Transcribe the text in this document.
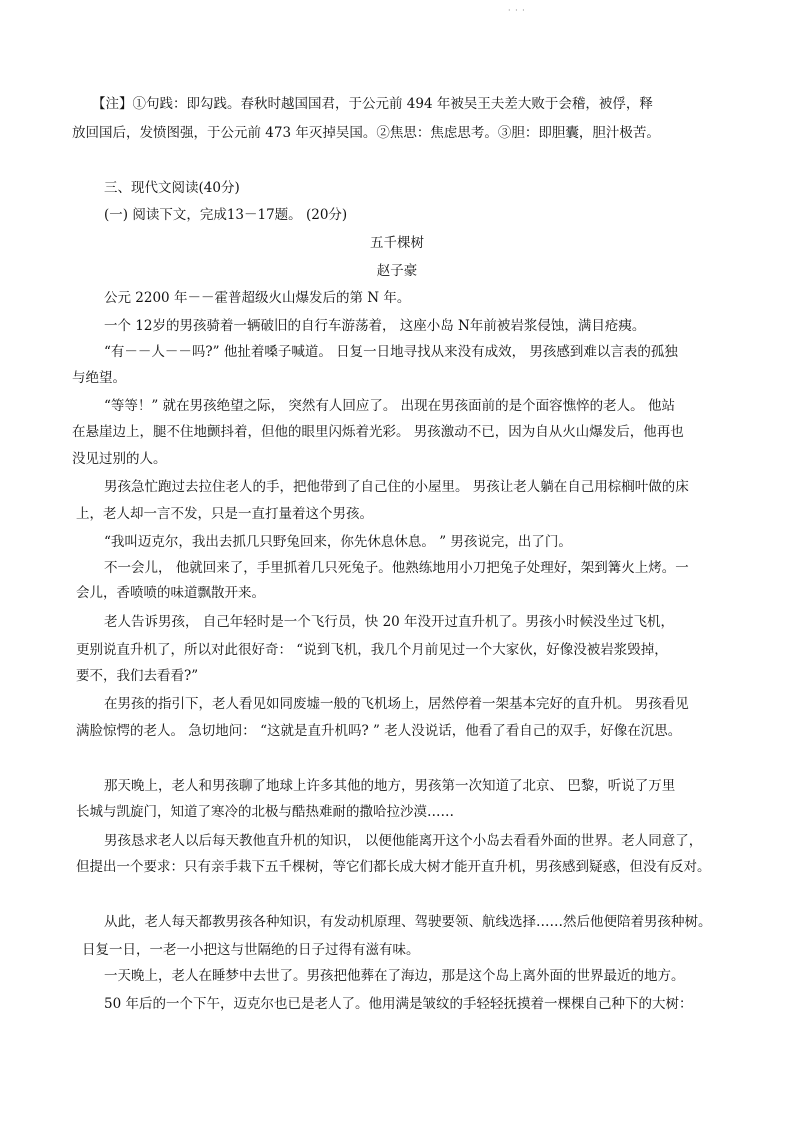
· · ·
【注】①句践：即勾践。春秋时越国国君，于公元前 494 年被吴王夫差大败于会稽，被俘，释
放回国后，发愤图强，于公元前 473 年灭掉吴国。②焦思：焦虑思考。③胆：即胆囊，胆汁极苦。
三、现代文阅读(40分)
(一) 阅读下文，完成13－17题。 (20分)
五千棵树
赵子豪
公元 2200 年－－霍普超级火山爆发后的第 N 年。
一个 12岁的男孩骑着一辆破旧的自行车游荡着， 这座小岛 N年前被岩浆侵蚀，满目疮痍。
“有－－人－－吗?” 他扯着嗓子喊道。 日复一日地寻找从来没有成效， 男孩感到难以言表的孤独
与绝望。
“等等！” 就在男孩绝望之际， 突然有人回应了。 出现在男孩面前的是个面容憔悴的老人。 他站
在悬崖边上，腿不住地颤抖着，但他的眼里闪烁着光彩。 男孩激动不已，因为自从火山爆发后，他再也
没见过别的人。
男孩急忙跑过去拉住老人的手，把他带到了自己住的小屋里。 男孩让老人躺在自己用棕榈叶做的床
上，老人却一言不发，只是一直打量着这个男孩。
“我叫迈克尔，我出去抓几只野兔回来，你先休息休息。 ” 男孩说完，出了门。
不一会儿， 他就回来了，手里抓着几只死兔子。他熟练地用小刀把兔子处理好，架到篝火上烤。一
会儿，香喷喷的味道飘散开来。
老人告诉男孩， 自己年轻时是一个飞行员，快 20 年没开过直升机了。男孩小时候没坐过飞机，
更别说直升机了，所以对此很好奇： “说到飞机，我几个月前见过一个大家伙，好像没被岩浆毁掉，
要不，我们去看看?”
在男孩的指引下，老人看见如同废墟一般的飞机场上，居然停着一架基本完好的直升机。 男孩看见
满脸惊愕的老人。 急切地问： “这就是直升机吗? ” 老人没说话，他看了看自己的双手，好像在沉思。
那天晚上，老人和男孩聊了地球上许多其他的地方，男孩第一次知道了北京、 巴黎，听说了万里
长城与凯旋门，知道了寒冷的北极与酷热难耐的撒哈拉沙漠……
男孩恳求老人以后每天教他直升机的知识， 以便他能离开这个小岛去看看外面的世界。老人同意了，
但提出一个要求：只有亲手栽下五千棵树，等它们都长成大树才能开直升机，男孩感到疑惑，但没有反对。
从此，老人每天都教男孩各种知识，有发动机原理、驾驶要领、航线选择……然后他便陪着男孩种树。
日复一日，一老一小把这与世隔绝的日子过得有滋有味。
一天晚上，老人在睡梦中去世了。男孩把他葬在了海边，那是这个岛上离外面的世界最近的地方。
50 年后的一个下午，迈克尔也已是老人了。他用满是皱纹的手轻轻抚摸着一棵棵自己种下的大树：
